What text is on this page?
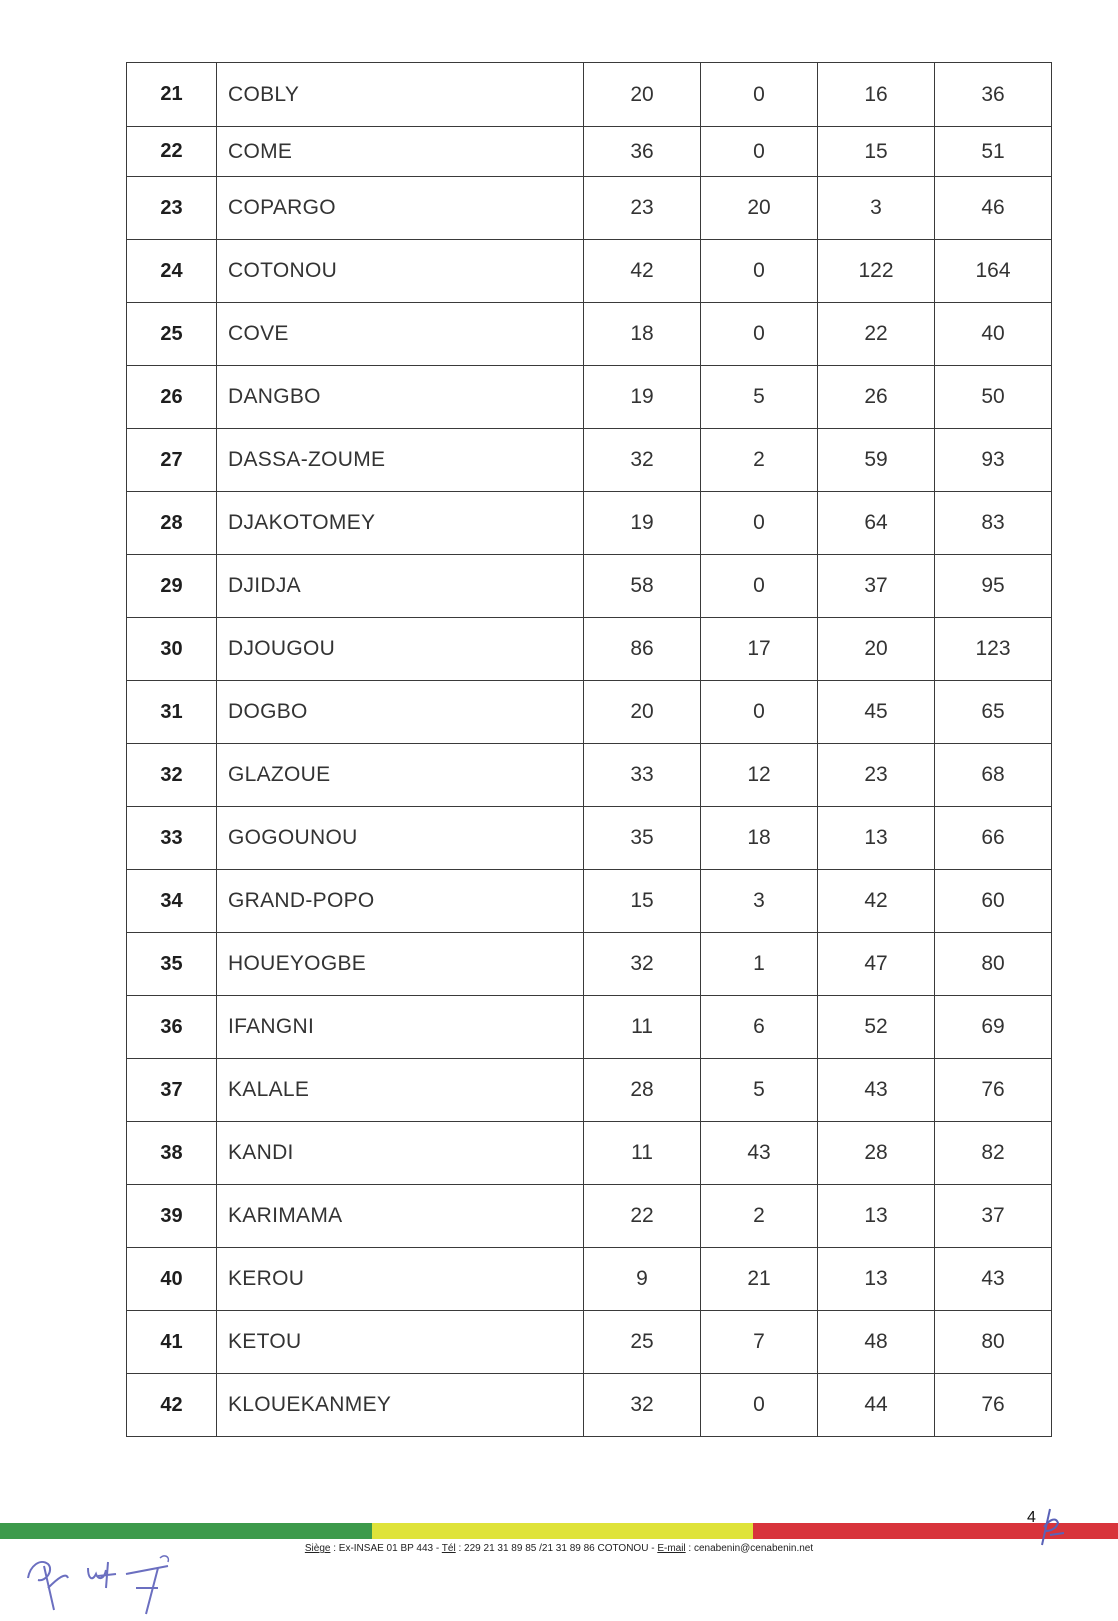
21	COBLY	20	0	16	36
22	COME	36	0	15	51
23	COPARGO	23	20	3	46
24	COTONOU	42	0	122	164
25	COVE	18	0	22	40
26	DANGBO	19	5	26	50
27	DASSA-ZOUME	32	2	59	93
28	DJAKOTOMEY	19	0	64	83
29	DJIDJA	58	0	37	95
30	DJOUGOU	86	17	20	123
31	DOGBO	20	0	45	65
32	GLAZOUE	33	12	23	68
33	GOGOUNOU	35	18	13	66
34	GRAND-POPO	15	3	42	60
35	HOUEYOGBE	32	1	47	80
36	IFANGNI	11	6	52	69
37	KALALE	28	5	43	76
38	KANDI	11	43	28	82
39	KARIMAMA	22	2	13	37
40	KEROU	9	21	13	43
41	KETOU	25	7	48	80
42	KLOUEKANMEY	32	0	44	76
Siège : Ex-INSAE 01 BP 443 - Tél : 229 21 31 89 85 /21 31 89 86 COTONOU - E-mail : cenabenin@cenabenin.net
4
